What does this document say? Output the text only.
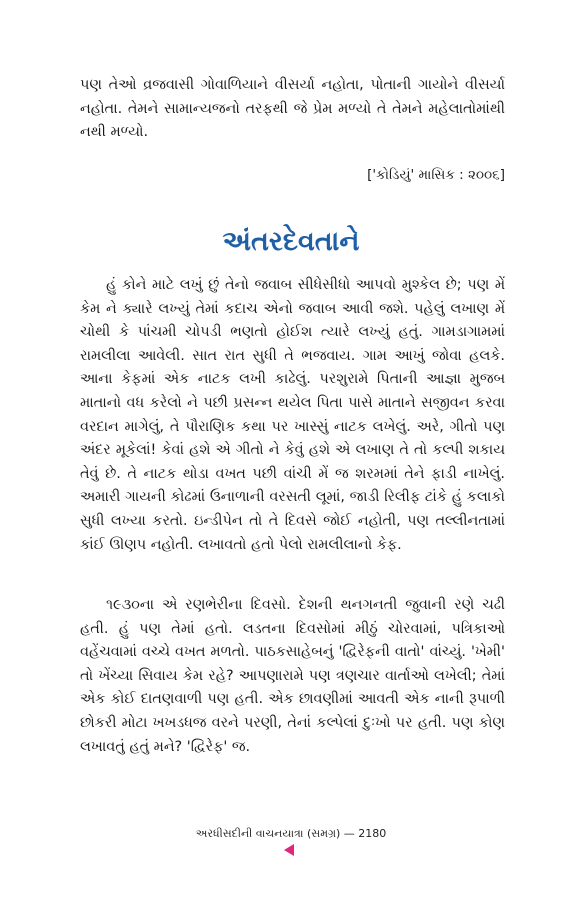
પણ તેઓ વ્રજવાસી ગોવાળિયાને વીસર્યા નહોતા, પોતાની ગાયોને વીસર્યા નહોતા. તેમને સામાન્યજનો તરફથી જે પ્રેમ મળ્યો તે તેમને મહેલાતોમાંથી નથી મળ્યો.

['કોડિયું' માસિક : ૨૦૦૬]
અંતરદેવતાને

હું કોને માટે લખું છું તેનો જવાબ સીધેસીધો આપવો મુશ્કેલ છે; પણ મેં કેમ ને ક્યારે લખ્યું તેમાં કદાચ એનો જવાબ આવી જશે. પહેલું લખાણ મેં ચોથી કે પાંચમી ચોપડી ભણતો હોઈશ ત્યારે લખ્યું હતું. ગામડાગામમાં રામલીલા આવેલી. સાત રાત સુધી તે ભજવાય. ગામ આખું જોવા હલકે. આના કેફમાં એક નાટક લખી કાઢેલું. પરશુરામે પિતાની આજ્ઞા મુજબ માતાનો વધ કરેલો ને પછી પ્રસન્ન થયેલ પિતા પાસે માતાને સજીવન કરવા વરદાન માગેલું, તે પૌરાણિક કથા પર ખાસ્સું નાટક લખેલું. અરે, ગીતો પણ અંદર મૂકેલાં! કેવાં હશે એ ગીતો ને કેવું હશે એ લખાણ તે તો કલ્પી શકાય તેવું છે. તે નાટક થોડા વખત પછી વાંચી મેં જ શરમમાં તેને ફાડી નાખેલું. અમારી ગાયની કોઢમાં ઉનાળાની વરસતી લૂમાં, જાડી રિલીફ ટાંકે હું કલાકો સુધી લખ્યા કરતો. ઇન્ડીપેન તો તે દિવસે જોઈ નહોતી, પણ તલ્લીનતામાં કાંઈ ઊણપ નહોતી. લખાવતો હતો પેલો રામલીલાનો કેફ.

૧૯૩૦ના એ રણભેરીના દિવસો. દેશની થનગનતી જુવાની રણે ચઢી હતી. હું પણ તેમાં હતો. લડતના દિવસોમાં મીઠું ચોરવામાં, પત્રિકાઓ વહેંચવામાં વચ્ચે વખત મળતો. પાઠકસાહેબનું 'દ્વિરેફની વાતો' વાંચ્યું. 'ખેમી' તો ખેંચ્યા સિવાય કેમ રહે? આપણારામે પણ ત્રણચાર વાર્તાઓ લખેલી; તેમાં એક કોઈ દાતણવાળી પણ હતી. એક છાવણીમાં આવતી એક નાની રૂપાળી છોકરી મોટા ખખડધજ વરને પરણી, તેનાં કલ્પેલાં દુઃખો પર હતી. પણ કોણ લખાવતું હતું મને? 'દ્વિરેફ' જ.

અરધીસદીની વાચનયાત્રા (સમગ્ર) — 2180
